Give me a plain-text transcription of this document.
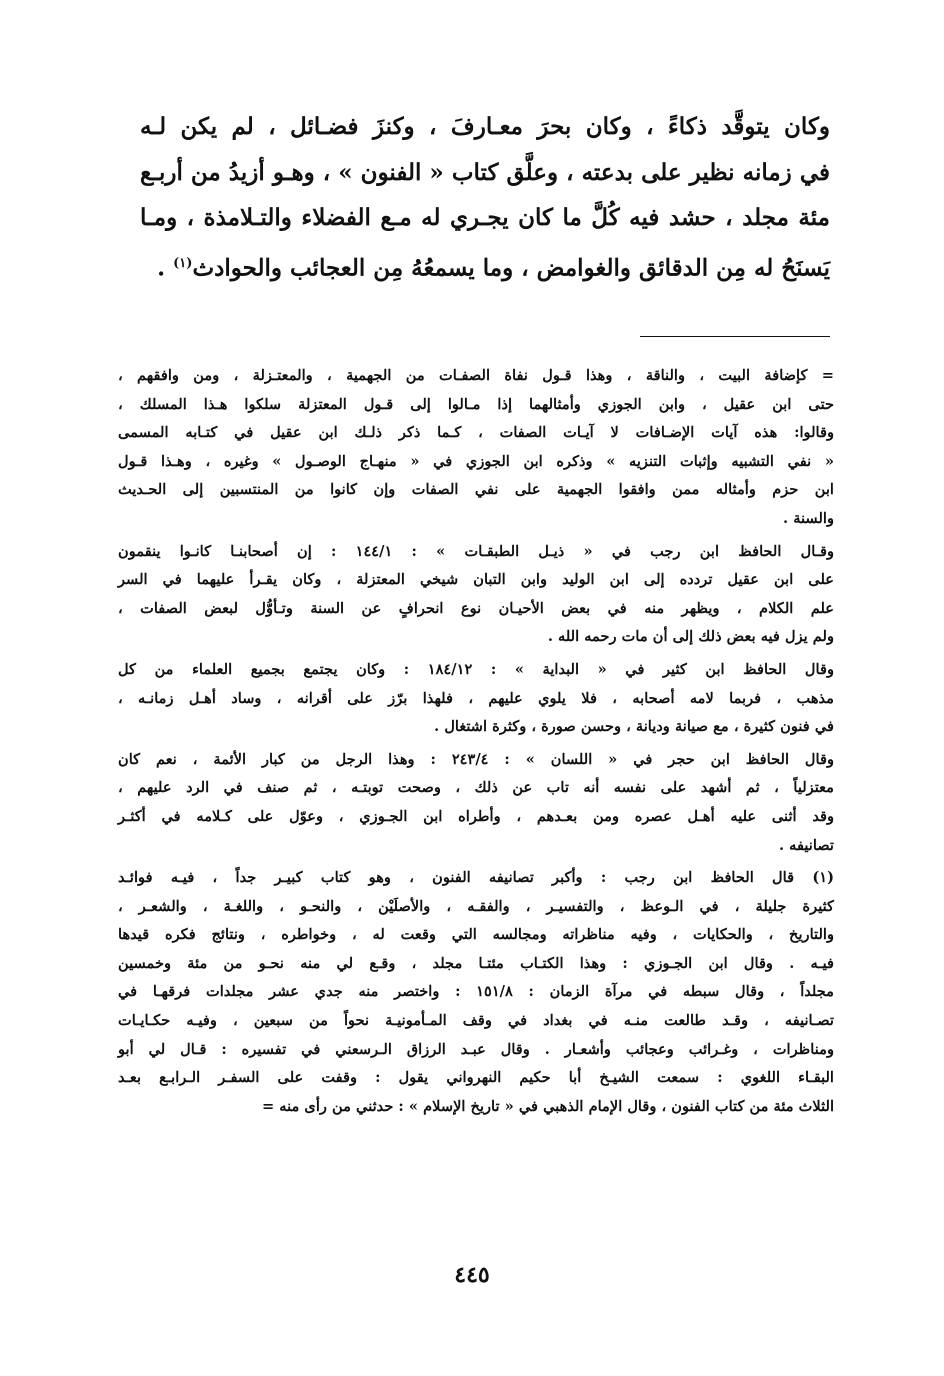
وكان يتوقَّد ذكاءً ، وكان بحرَ معـارفَ ، وكنزَ فضـائل ، لم يكن لـه
في زمانه نظير على بدعته ، وعلَّق كتاب « الفنون » ، وهـو أزيدُ من أربـع
مئة مجلد ، حشد فيه كُلَّ ما كان يجـري له مـع الفضلاء والتـلامذة ، ومـا
يَسنَحُ له مِن الدقائق والغوامض ، وما يسمعُهُ مِن العجائب والحوادث$^{(١)}$ .
= كإضافة البيت ، والناقة ، وهذا قـول نفاة الصفـات من الجهمية ، والمعتـزلة ، ومن وافقهم ،
حتى ابن عقيل ، وابن الجوزي وأمثالهما إذا مـالوا إلى قـول المعتزلة سلكوا هـذا المسلك ،
وقالوا: هذه آيات الإضـافات لا آيـات الصفات ، كـما ذكر ذلـك ابن عقيل في كتـابه المسمى
« نفي التشبيه وإثبات التنزيه » وذكره ابن الجوزي في « منهـاج الوصـول » وغيره ، وهـذا قـول
ابن حزم وأمثاله ممن وافقوا الجهمية على نفي الصفات وإن كانوا من المنتسبين إلى الحـديث
والسنة .
وقـال الحافظ ابن رجب في « ذيـل الطبقـات » : ١٤٤/١ : إن أصحابنـا كانـوا ينقمون
على ابن عقيل تردده إلى ابن الوليد وابن التبان شيخي المعتزلة ، وكان يقـرأ عليهما في السر
علم الكلام ، ويظهر منه في بعض الأحيـان نوع انحرافٍ عن السنة وتـأوُّل لبعض الصفات ،
ولم يزل فيه بعض ذلك إلى أن مات رحمه الله .
وقال الحافظ ابن كثير في « البداية » : ١٨٤/١٢ : وكان يجتمع بجميع العلماء من كل
مذهب ، فربما لامه أصحابه ، فلا يلوي عليهم ، فلهذا برّز على أقرانه ، وساد أهـل زمانـه ،
في فنون كثيرة ، مع صيانة وديانة ، وحسن صورة ، وكثرة اشتغال .
وقال الحافظ ابن حجر في « اللسان » : ٢٤٣/٤ : وهذا الرجل من كبار الأئمة ، نعم كان
معتزلياً ، ثم أشهد على نفسه أنه تاب عن ذلك ، وصحت توبتـه ، ثم صنف في الرد عليهم ،
وقد أثنى عليه أهـل عصره ومن بعـدهم ، وأطراه ابن الجـوزي ، وعوّل على كـلامه في أكثـر
تصانيفه .
(١) قال الحافظ ابن رجب : وأكبر تصانيفه الفنون ، وهو كتاب كبيـر جداً ، فيـه فوائـد
كثيرة جليلة ، في الـوعظ ، والتفسيـر ، والفقـه ، والأصلَيْن ، والنحـو ، واللغـة ، والشعـر ،
والتاريخ ، والحكايات ، وفيه مناظراته ومجالسه التي وقعت له ، وخواطره ، ونتائج فكره قيدها
فيـه . وقال ابن الجـوزي : وهذا الكتـاب مئتـا مجلد ، وقـع لي منه نحـو من مئة وخمسين
مجلداً ، وقال سبطه في مرآة الزمان : ١٥١/٨ : واختصر منه جدي عشر مجلدات فرقهـا في
تصـانيفه ، وقـد طالعت منـه في بغداد في وقف المـأمونيـة نحواً من سبعين ، وفيـه حكـايـات
ومناظرات ، وغـرائب وعجائب وأشعـار . وقال عبـد الرزاق الـرسعني في تفسيره : قـال لي أبو
البقـاء اللغوي : سمعت الشيـخ أبا حكيم النهرواني يقول : وقفت على السفـر الـرابـع بعـد
الثلاث مئة من كتاب الفنون ، وقال الإمام الذهبي في « تاريخ الإسلام » : حدثني من رأى منه =
٤٤٥
